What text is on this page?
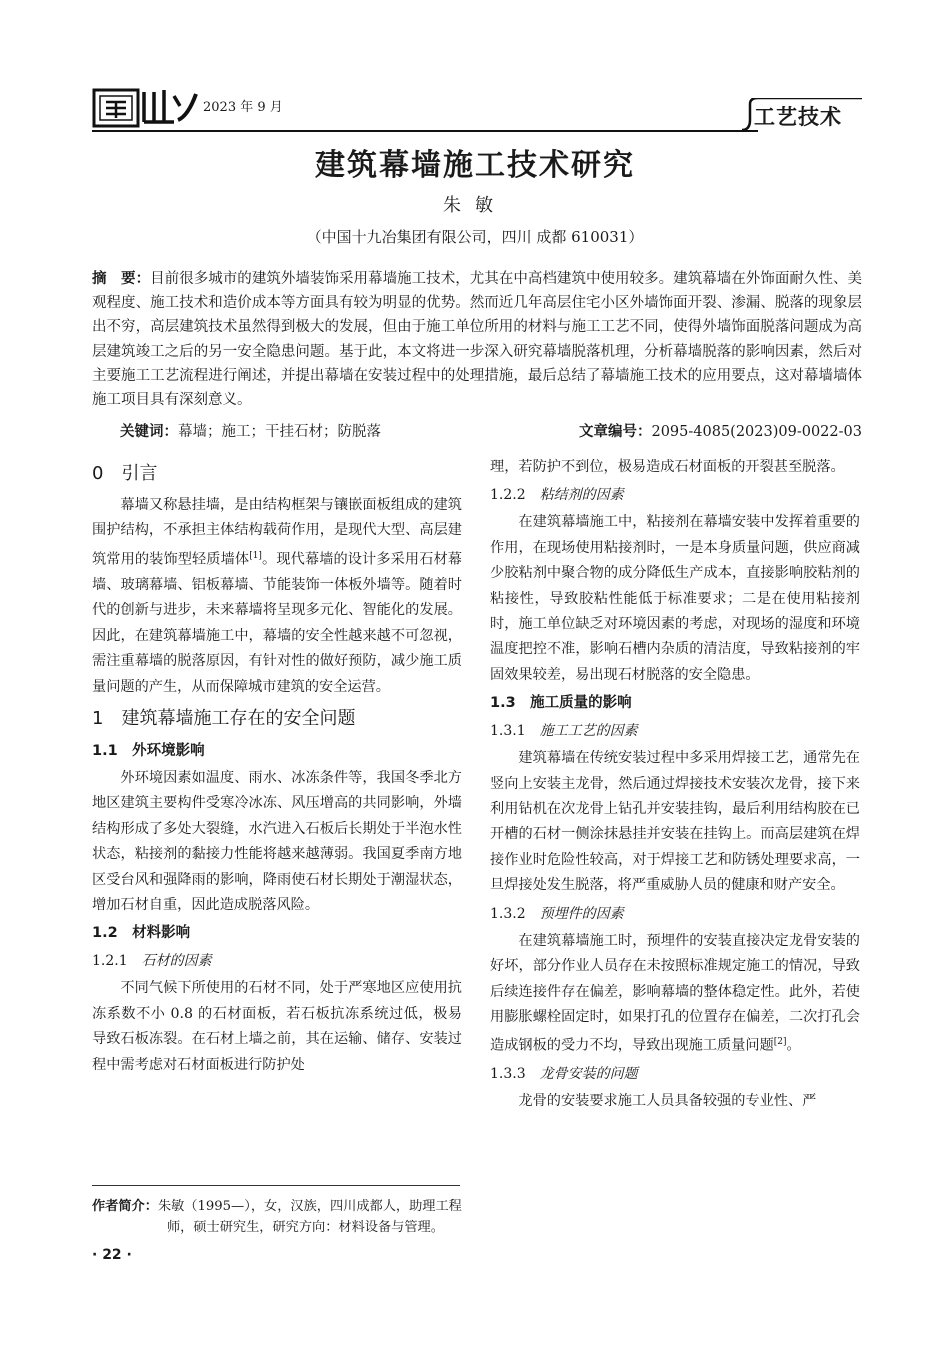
2023 年 9 月	工艺技术
建筑幕墙施工技术研究
朱敏
（中国十九冶集团有限公司，四川 成都 610031）
摘　要：目前很多城市的建筑外墙装饰采用幕墙施工技术，尤其在中高档建筑中使用较多。建筑幕墙在外饰面耐久性、美观程度、施工技术和造价成本等方面具有较为明显的优势。然而近几年高层住宅小区外墙饰面开裂、渗漏、脱落的现象层出不穷，高层建筑技术虽然得到极大的发展，但由于施工单位所用的材料与施工工艺不同，使得外墙饰面脱落问题成为高层建筑竣工之后的另一安全隐患问题。基于此，本文将进一步深入研究幕墙脱落机理，分析幕墙脱落的影响因素，然后对主要施工工艺流程进行阐述，并提出幕墙在安装过程中的处理措施，最后总结了幕墙施工技术的应用要点，这对幕墙墙体施工项目具有深刻意义。
关键词：幕墙；施工；干挂石材；防脱落	文章编号：2095-4085(2023)09-0022-03
0　引言

幕墙又称悬挂墙，是由结构框架与镶嵌面板组成的建筑围护结构，不承担主体结构载荷作用，是现代大型、高层建筑常用的装饰型轻质墙体[1]。现代幕墙的设计多采用石材幕墙、玻璃幕墙、铝板幕墙、节能装饰一体板外墙等。随着时代的创新与进步，未来幕墙将呈现多元化、智能化的发展。因此，在建筑幕墙施工中，幕墙的安全性越来越不可忽视，需注重幕墙的脱落原因，有针对性的做好预防，减少施工质量问题的产生，从而保障城市建筑的安全运营。

1　建筑幕墙施工存在的安全问题
1.1　外环境影响

外环境因素如温度、雨水、冰冻条件等，我国冬季北方地区建筑主要构件受寒冷冰冻、风压增高的共同影响，外墙结构形成了多处大裂缝，水汽进入石板后长期处于半泡水性状态，粘接剂的黏接力性能将越来越薄弱。我国夏季南方地区受台风和强降雨的影响，降雨使石材长期处于潮湿状态，增加石材自重，因此造成脱落风险。

1.2　材料影响
1.2.1　 石材的因素

不同气候下所使用的石材不同，处于严寒地区应使用抗冻系数不小 0.8 的石材面板，若石板抗冻系统过低，极易导致石板冻裂。在石材上墙之前，其在运输、储存、安装过程中需考虑对石材面板进行防护处

理，若防护不到位，极易造成石材面板的开裂甚至脱落。

1.2.2　 粘结剂的因素

在建筑幕墙施工中，粘接剂在幕墙安装中发挥着重要的作用，在现场使用粘接剂时，一是本身质量问题，供应商减少胶粘剂中聚合物的成分降低生产成本，直接影响胶粘剂的粘接性，导致胶粘性能低于标准要求；二是在使用粘接剂时，施工单位缺乏对环境因素的考虑，对现场的湿度和环境温度把控不准，影响石槽内杂质的清洁度，导致粘接剂的牢固效果较差，易出现石材脱落的安全隐患。

1.3　施工质量的影响
1.3.1　 施工工艺的因素

建筑幕墙在传统安装过程中多采用焊接工艺，通常先在竖向上安装主龙骨，然后通过焊接技术安装次龙骨，接下来利用钻机在次龙骨上钻孔并安装挂钩，最后利用结构胶在已开槽的石材一侧涂抹悬挂并安装在挂钩上。而高层建筑在焊接作业时危险性较高，对于焊接工艺和防锈处理要求高，一旦焊接处发生脱落，将严重威胁人员的健康和财产安全。

1.3.2　 预埋件的因素

在建筑幕墙施工时，预埋件的安装直接决定龙骨安装的好坏，部分作业人员存在未按照标准规定施工的情况，导致后续连接件存在偏差，影响幕墙的整体稳定性。此外，若使用膨胀螺栓固定时，如果打孔的位置存在偏差，二次打孔会造成钢板的受力不均，导致出现施工质量问题[2]。

1.3.3　 龙骨安装的问题

龙骨的安装要求施工人员具备较强的专业性、严

作者简介：朱敏（1995—），女，汉族，四川成都人，助理工程
师，硕士研究生，研究方向：材料设备与管理。
· 22 ·
